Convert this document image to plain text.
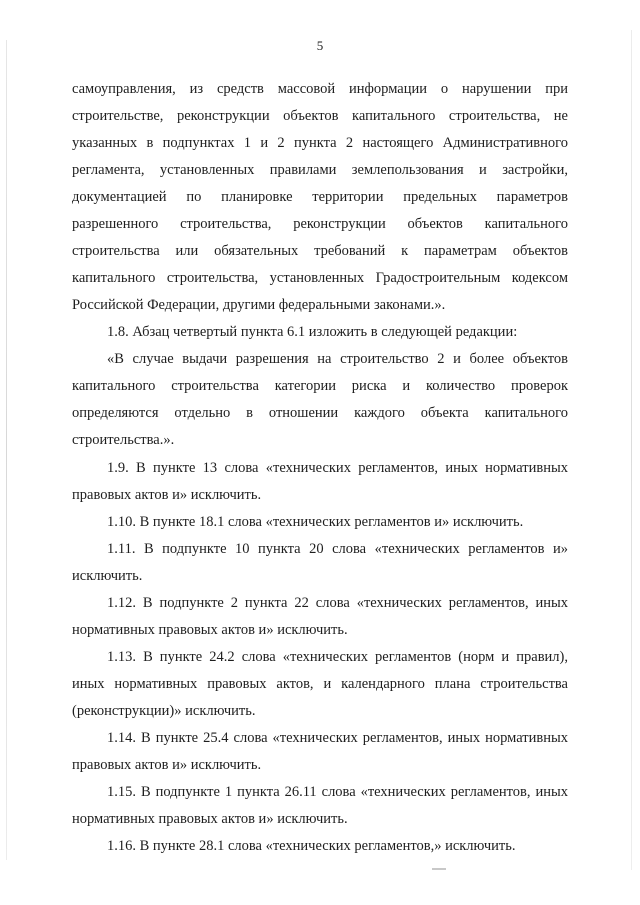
5
самоуправления, из средств массовой информации о нарушении при
строительстве, реконструкции объектов капитального строительства, не
указанных в подпунктах 1 и 2 пункта 2 настоящего Административного
регламента, установленных правилами землепользования и застройки,
документацией по планировке территории предельных параметров
разрешенного строительства, реконструкции объектов капитального
строительства или обязательных требований к параметрам объектов
капитального строительства, установленных Градостроительным кодексом
Российской Федерации, другими федеральными законами.».
1.8. Абзац четвертый пункта 6.1 изложить в следующей редакции:
«В случае выдачи разрешения на строительство 2 и более объектов
капитального строительства категории риска и количество проверок
определяются отдельно в отношении каждого объекта капитального
строительства.».
1.9. В пункте 13 слова «технических регламентов, иных нормативных
правовых актов и» исключить.
1.10. В пункте 18.1 слова «технических регламентов и» исключить.
1.11. В подпункте 10 пункта 20 слова «технических регламентов и»
исключить.
1.12. В подпункте 2 пункта 22 слова «технических регламентов, иных
нормативных правовых актов и» исключить.
1.13. В пункте 24.2 слова «технических регламентов (норм и правил),
иных нормативных правовых актов, и календарного плана строительства
(реконструкции)» исключить.
1.14. В пункте 25.4 слова «технических регламентов, иных нормативных
правовых актов и» исключить.
1.15. В подпункте 1 пункта 26.11 слова «технических регламентов, иных
нормативных правовых актов и» исключить.
1.16. В пункте 28.1 слова «технических регламентов,» исключить.
